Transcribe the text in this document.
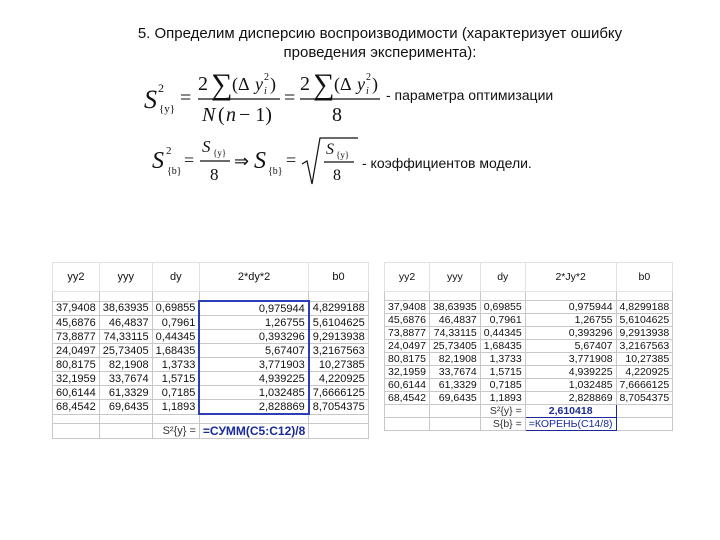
5. Определим дисперсию воспроизводимости (характеризует ошибку
проведения эксперимента):
S 2
{y} =
2 ∑ (Δ y i
2 )
N ( n − 1)
=
2 ∑ (Δ y i
2 )
8
- параметра оптимизации
S 2
{b}
=
S {y}
8
⇒ S {b}
=
S {y}
8
- коэффициентов модели.
yy2	yyy	dy	2*dy*2	b0

37,9408	38,63935	0,69855	0,975944	4,8299188
45,6876	46,4837	0,7961	1,26755	5,6104625
73,8877	74,33115	0,44345	0,393296	9,2913938
24,0497	25,73405	1,68435	5,67407	3,2167563
80,8175	82,1908	1,3733	3,771903	10,27385
32,1959	33,7674	1,5715	4,939225	4,220925
60,6144	61,3329	0,7185	1,032485	7,6666125
68,4542	69,6435	1,1893	2,828869	8,7054375

		S²{y} =	=СУММ(C5:C12)/8	
yy2	yyy	dy	2*Jy*2	b0

37,9408	38,63935	0,69855	0,975944	4,8299188
45,6876	46,4837	0,7961	1,26755	5,6104625
73,8877	74,33115	0,44345	0,393296	9,2913938
24,0497	25,73405	1,68435	5,67407	3,2167563
80,8175	82,1908	1,3733	3,771908	10,27385
32,1959	33,7674	1,5715	4,939225	4,220925
60,6144	61,3329	0,7185	1,032485	7,6666125
68,4542	69,6435	1,1893	2,828869	8,7054375
		S²{y} =	2,610418	
		S{b} =	=КОРЕНЬ(C14/8)	
